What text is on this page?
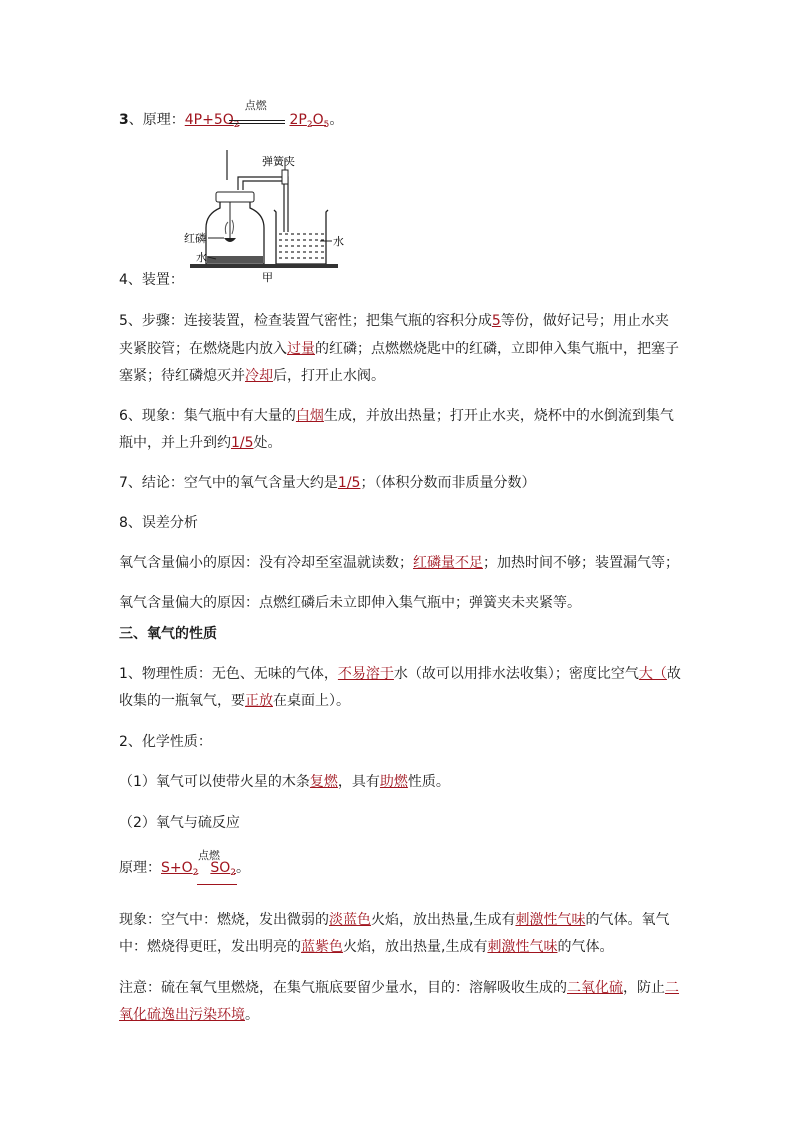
3、原理：$4P+5O_2$
点燃
$2P_2O_5$。
弹簧夹
红磷
水
水
甲
4、装置：
5、步骤：连接装置，检查装置气密性；把集气瓶的容积分成5等份，做好记号；用止水夹
夹紧胶管；在燃烧匙内放入过量的红磷；点燃燃烧匙中的红磷，立即伸入集气瓶中，把塞子
塞紧；待红磷熄灭并冷却后，打开止水阀。
6、现象：集气瓶中有大量的白烟生成，并放出热量；打开止水夹，烧杯中的水倒流到集气
瓶中，并上升到约1/5处。
7、结论：空气中的氧气含量大约是1/5；（体积分数而非质量分数）
8、误差分析
氧气含量偏小的原因：没有冷却至室温就读数；红磷量不足；加热时间不够；装置漏气等；
氧气含量偏大的原因：点燃红磷后未立即伸入集气瓶中；弹簧夹未夹紧等。
三、氧气的性质
1、物理性质：无色、无味的气体，不易溶于水（故可以用排水法收集）；密度比空气大（故
收集的一瓶氧气，要正放在桌面上）。
2、化学性质：
（1）氧气可以使带火星的木条复燃，具有助燃性质。
（2）氧气与硫反应
原理：$S+O_2$
点燃
$SO_2$
。
现象：空气中：燃烧，发出微弱的淡蓝色火焰，放出热量,生成有刺激性气味的气体。氧气
中：燃烧得更旺，发出明亮的蓝紫色火焰，放出热量,生成有刺激性气味的气体。
注意：硫在氧气里燃烧，在集气瓶底要留少量水，目的：溶解吸收生成的二氧化硫，防止二
氧化硫逸出污染环境。
